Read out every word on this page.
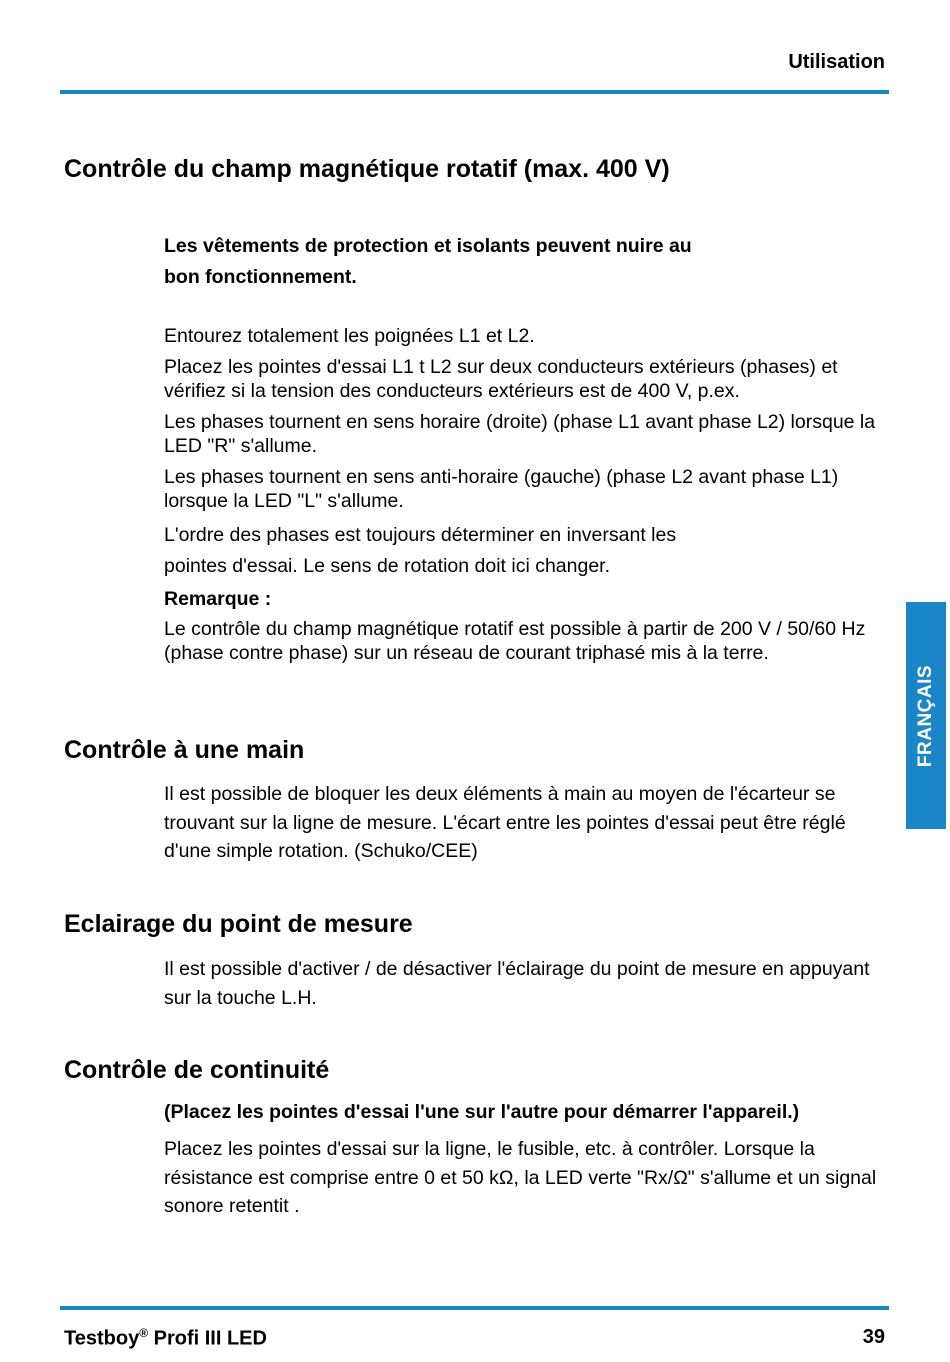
Utilisation
Contrôle du champ magnétique rotatif (max. 400 V)
Les vêtements de protection et isolants peuvent nuire au
bon fonctionnement.

Entourez totalement les poignées L1 et L2.

Placez les pointes d'essai L1 t L2 sur deux conducteurs extérieurs (phases) et vérifiez si la tension des conducteurs extérieurs est de 400 V, p.ex.

Les phases tournent en sens horaire (droite) (phase L1 avant phase L2) lorsque la LED "R" s'allume.

Les phases tournent en sens anti-horaire (gauche) (phase L2 avant phase L1) lorsque la LED "L" s'allume.

L'ordre des phases est toujours déterminer en inversant les
pointes d'essai. Le sens de rotation doit ici changer.

Remarque :

Le contrôle du champ magnétique rotatif est possible à partir de 200 V / 50/60 Hz (phase contre phase) sur un réseau de courant triphasé mis à la terre.

Contrôle à une main
Il est possible de bloquer les deux éléments à main au moyen de l'écarteur se trouvant sur la ligne de mesure. L'écart entre les pointes d'essai peut être réglé d'une simple rotation. (Schuko/CEE)
Eclairage du point de mesure
Il est possible d'activer / de désactiver l'éclairage du point de mesure en appuyant sur la touche L.H.
Contrôle de continuité
(Placez les pointes d'essai l'une sur l'autre pour démarrer l'appareil.)
Placez les pointes d'essai sur la ligne, le fusible, etc. à contrôler. Lorsque la résistance est comprise entre 0 et 50 kΩ, la LED verte "Rx/Ω" s'allume et un signal sonore retentit .
FRANÇAIS
Testboy® Profi III LED	39
